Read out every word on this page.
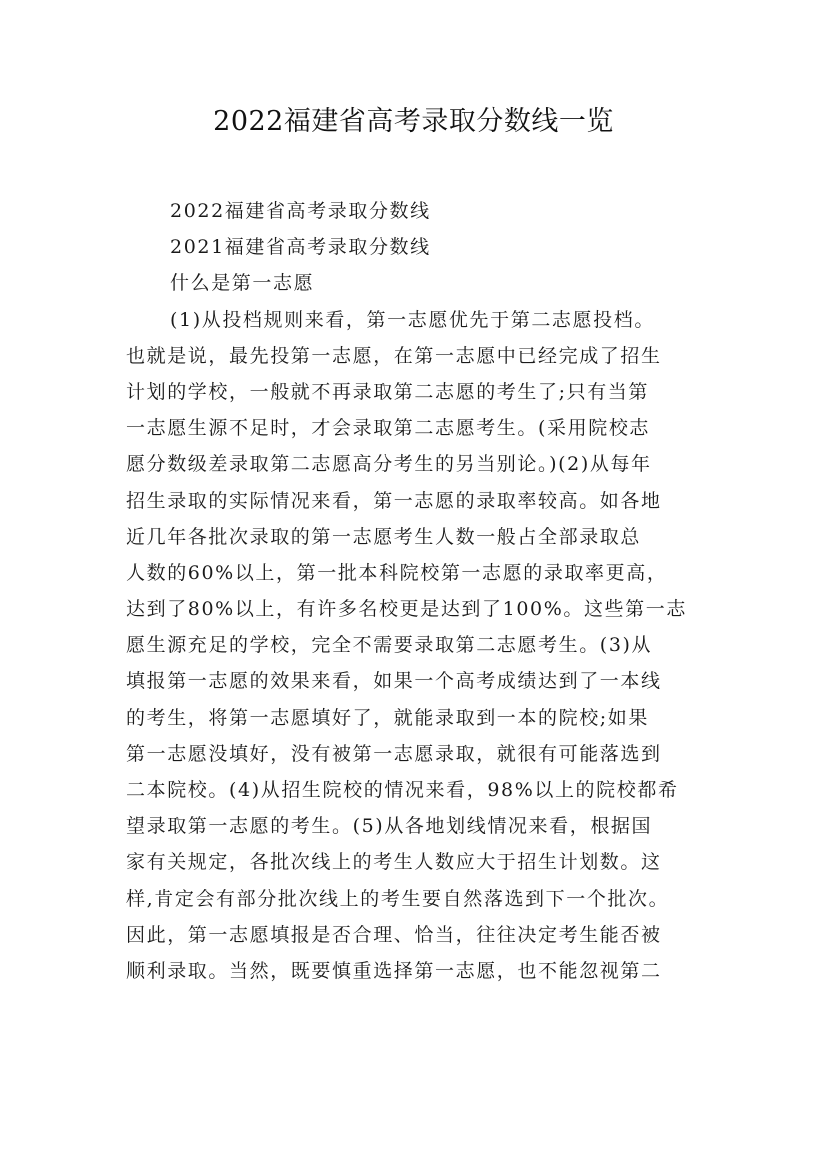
2022福建省高考录取分数线一览
2022福建省高考录取分数线
2021福建省高考录取分数线
什么是第一志愿
(1)从投档规则来看，第一志愿优先于第二志愿投档。
也就是说，最先投第一志愿，在第一志愿中已经完成了招生
计划的学校，一般就不再录取第二志愿的考生了;只有当第
一志愿生源不足时，才会录取第二志愿考生。(采用院校志
愿分数级差录取第二志愿高分考生的另当别论。)(2)从每年
招生录取的实际情况来看，第一志愿的录取率较高。如各地
近几年各批次录取的第一志愿考生人数一般占全部录取总
人数的60%以上，第一批本科院校第一志愿的录取率更高，
达到了80%以上，有许多名校更是达到了100%。这些第一志
愿生源充足的学校，完全不需要录取第二志愿考生。(3)从
填报第一志愿的效果来看，如果一个高考成绩达到了一本线
的考生，将第一志愿填好了，就能录取到一本的院校;如果
第一志愿没填好，没有被第一志愿录取，就很有可能落选到
二本院校。(4)从招生院校的情况来看，98%以上的院校都希
望录取第一志愿的考生。(5)从各地划线情况来看，根据国
家有关规定，各批次线上的考生人数应大于招生计划数。这
样,肯定会有部分批次线上的考生要自然落选到下一个批次。
因此，第一志愿填报是否合理、恰当，往往决定考生能否被
顺利录取。当然，既要慎重选择第一志愿，也不能忽视第二
